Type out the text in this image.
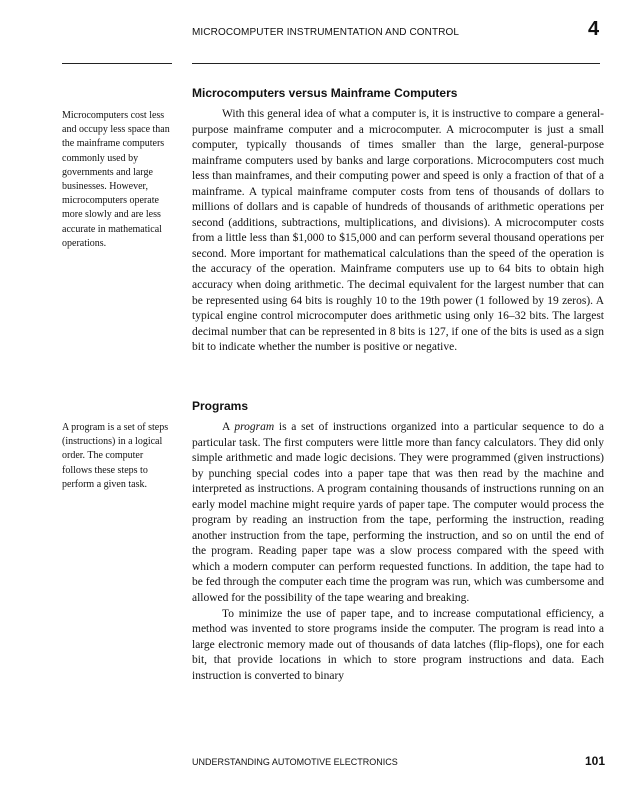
MICROCOMPUTER INSTRUMENTATION AND CONTROL	4
Microcomputers versus Mainframe Computers
Microcomputers cost less and occupy less space than the mainframe computers commonly used by governments and large businesses. However, microcomputers operate more slowly and are less accurate in mathematical operations.

With this general idea of what a computer is, it is instructive to compare a general-purpose mainframe computer and a microcomputer. A microcomputer is just a small computer, typically thousands of times smaller than the large, general-purpose mainframe computers used by banks and large corporations. Microcomputers cost much less than mainframes, and their computing power and speed is only a fraction of that of a mainframe. A typical mainframe computer costs from tens of thousands of dollars to millions of dollars and is capable of hundreds of thousands of arithmetic operations per second (additions, subtractions, multiplications, and divisions). A microcomputer costs from a little less than $1,000 to $15,000 and can perform several thousand operations per second. More important for mathematical calculations than the speed of the operation is the accuracy of the operation. Mainframe computers use up to 64 bits to obtain high accuracy when doing arithmetic. The decimal equivalent for the largest number that can be represented using 64 bits is roughly 10 to the 19th power (1 followed by 19 zeros). A typical engine control microcomputer does arithmetic using only 16–32 bits. The largest decimal number that can be represented in 8 bits is 127, if one of the bits is used as a sign bit to indicate whether the number is positive or negative.

Programs
A program is a set of steps (instructions) in a logical order. The computer follows these steps to perform a given task.

A program is a set of instructions organized into a particular sequence to do a particular task. The first computers were little more than fancy calculators. They did only simple arithmetic and made logic decisions. They were programmed (given instructions) by punching special codes into a paper tape that was then read by the machine and interpreted as instructions. A program containing thousands of instructions running on an early model machine might require yards of paper tape. The computer would process the program by reading an instruction from the tape, performing the instruction, reading another instruction from the tape, performing the instruction, and so on until the end of the program. Reading paper tape was a slow process compared with the speed with which a modern computer can perform requested functions. In addition, the tape had to be fed through the computer each time the program was run, which was cumbersome and allowed for the possibility of the tape wearing and breaking.

To minimize the use of paper tape, and to increase computational efficiency, a method was invented to store programs inside the computer. The program is read into a large electronic memory made out of thousands of data latches (flip-flops), one for each bit, that provide locations in which to store program instructions and data. Each instruction is converted to binary

UNDERSTANDING AUTOMOTIVE ELECTRONICS	101
